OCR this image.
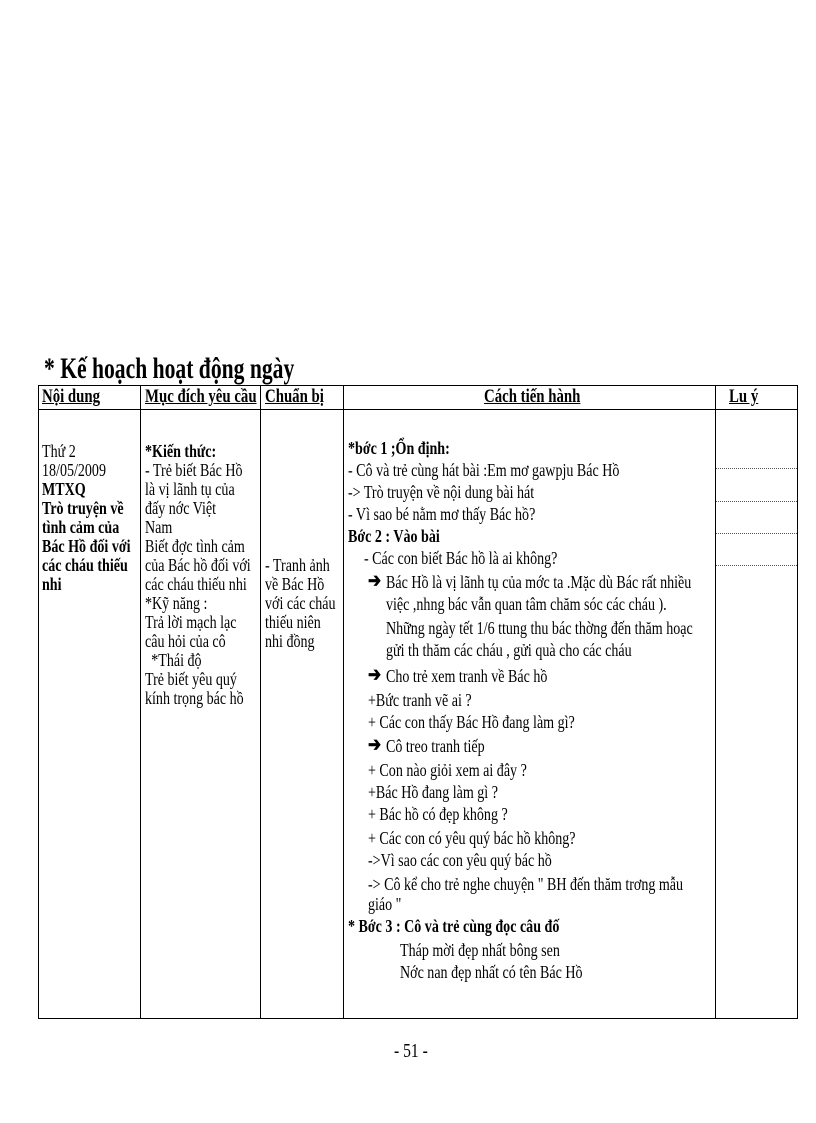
* Kế hoạch hoạt động ngày
Nội dung Mục đích yêu cầu Chuẩn bị	Cách tiến hành	Lu ý
Thứ 2
18/05/2009
MTXQ
Trò truyện về
tình cảm của
Bác Hồ đối với
các cháu thiếu
nhi
*Kiến thức:
- Trẻ biết Bác Hồ
là vị lãnh tụ của
đấy nớc Việt
Nam
Biết đợc tình cảm
của Bác hồ đối với
các cháu thiếu nhi
*Kỹ năng :
Trả lời mạch lạc
câu hỏi của cô
*Thái độ
Trẻ biết yêu quý
kính trọng bác hồ
- Tranh ảnh
về Bác Hồ
với các cháu
thiếu niên
nhi đồng
*bớc 1 ;Ổn định:
- Cô và trẻ cùng hát bài :Em mơ gawpju Bác Hồ
-> Trò truyện về nội dung bài hát
- Vì sao bé nằm mơ thấy Bác hồ?
Bớc 2 : Vào bài
- Các con biết Bác hồ là ai không?
➔ Bác Hồ là vị lãnh tụ của mớc ta .Mặc dù Bác rất nhiều
việc ,nhng bác vẫn quan tâm chăm sóc các cháu ).
Những ngày tết 1/6 ttung thu bác thờng đến thăm hoạc
gửi th thăm các cháu , gửi quà cho các cháu
➔ Cho trẻ xem tranh về Bác hồ
+Bức tranh vẽ ai ?
+ Các con thấy Bác Hồ đang làm gì?
➔ Cô treo tranh tiếp
+ Con nào giỏi xem ai đây ?
+Bác Hồ đang làm gì ?
+ Bác hồ có đẹp không ?
+ Các con có yêu quý bác hồ không?
->Vì sao các con yêu quý bác hồ
-> Cô kể cho trẻ nghe chuyện " BH đến thăm trơng mẫu
giáo "
* Bớc 3 : Cô và trẻ cùng đọc câu đố
Tháp mời đẹp nhất bông sen
Nớc nan đẹp nhất có tên Bác Hồ
- 51 -
